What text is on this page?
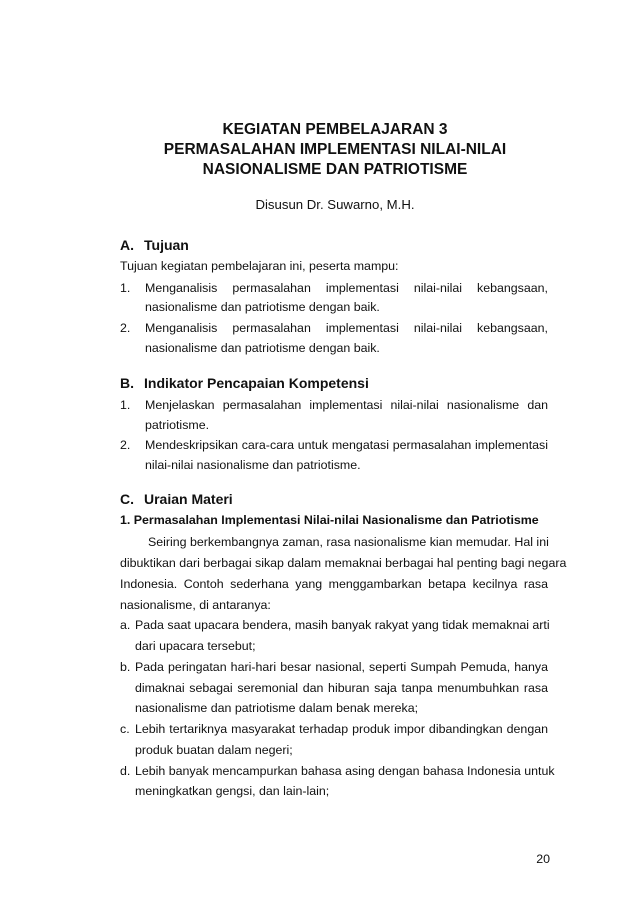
KEGIATAN PEMBELAJARAN 3
PERMASALAHAN IMPLEMENTASI NILAI-NILAI
NASIONALISME DAN PATRIOTISME
Disusun Dr. Suwarno, M.H.
A. Tujuan
Tujuan kegiatan pembelajaran ini, peserta mampu:
1. Menganalisis permasalahan implementasi nilai-nilai kebangsaan,
nasionalisme dan patriotisme dengan baik.
2. Menganalisis permasalahan implementasi nilai-nilai kebangsaan,
nasionalisme dan patriotisme dengan baik.
B. Indikator Pencapaian Kompetensi
1. Menjelaskan permasalahan implementasi nilai-nilai nasionalisme dan
patriotisme.
2. Mendeskripsikan cara-cara untuk mengatasi permasalahan implementasi
nilai-nilai nasionalisme dan patriotisme.
C. Uraian Materi
1. Permasalahan Implementasi Nilai-nilai Nasionalisme dan Patriotisme
Seiring berkembangnya zaman, rasa nasionalisme kian memudar. Hal ini
dibuktikan dari berbagai sikap dalam memaknai berbagai hal penting bagi negara
Indonesia. Contoh sederhana yang menggambarkan betapa kecilnya rasa
nasionalisme, di antaranya:
a. Pada saat upacara bendera, masih banyak rakyat yang tidak memaknai arti
dari upacara tersebut;
b. Pada peringatan hari-hari besar nasional, seperti Sumpah Pemuda, hanya
dimaknai sebagai seremonial dan hiburan saja tanpa menumbuhkan rasa
nasionalisme dan patriotisme dalam benak mereka;
c. Lebih tertariknya masyarakat terhadap produk impor dibandingkan dengan
produk buatan dalam negeri;
d. Lebih banyak mencampurkan bahasa asing dengan bahasa Indonesia untuk
meningkatkan gengsi, dan lain-lain;
20
